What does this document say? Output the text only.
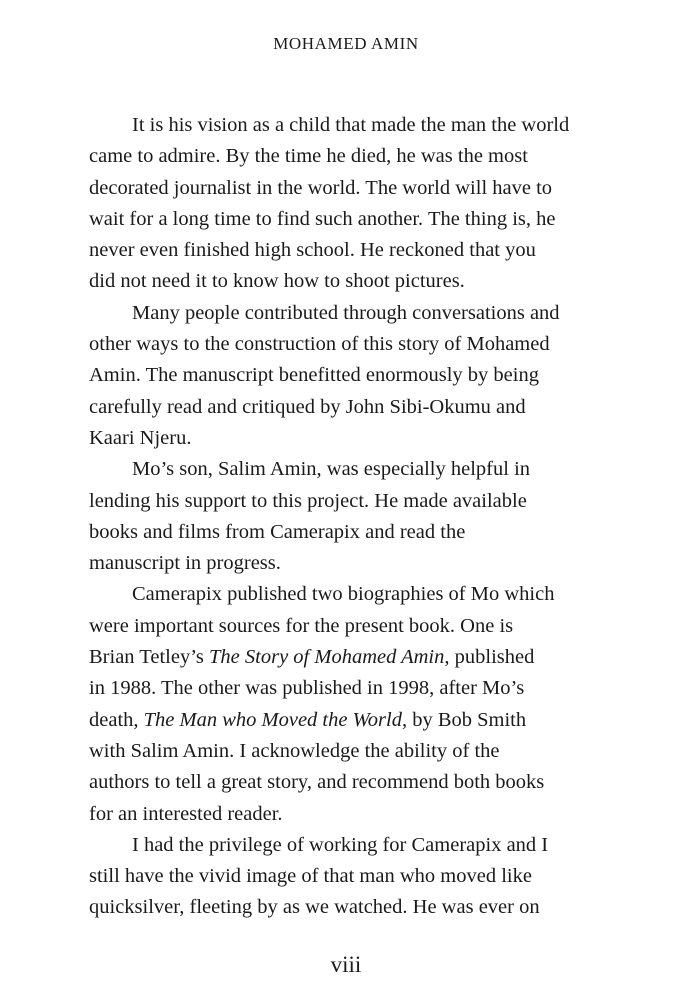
MOHAMED AMIN
It is his vision as a child that made the man the world
came to admire. By the time he died, he was the most
decorated journalist in the world. The world will have to
wait for a long time to find such another. The thing is, he
never even finished high school. He reckoned that you
did not need it to know how to shoot pictures.
Many people contributed through conversations and
other ways to the construction of this story of Mohamed
Amin. The manuscript benefitted enormously by being
carefully read and critiqued by John Sibi-Okumu and
Kaari Njeru.
Mo’s son, Salim Amin, was especially helpful in
lending his support to this project. He made available
books and films from Camerapix and read the
manuscript in progress.
Camerapix published two biographies of Mo which
were important sources for the present book. One is
Brian Tetley’s The Story of Mohamed Amin, published
in 1988. The other was published in 1998, after Mo’s
death, The Man who Moved the World, by Bob Smith
with Salim Amin. I acknowledge the ability of the
authors to tell a great story, and recommend both books
for an interested reader.
I had the privilege of working for Camerapix and I
still have the vivid image of that man who moved like
quicksilver, fleeting by as we watched. He was ever on
viii
